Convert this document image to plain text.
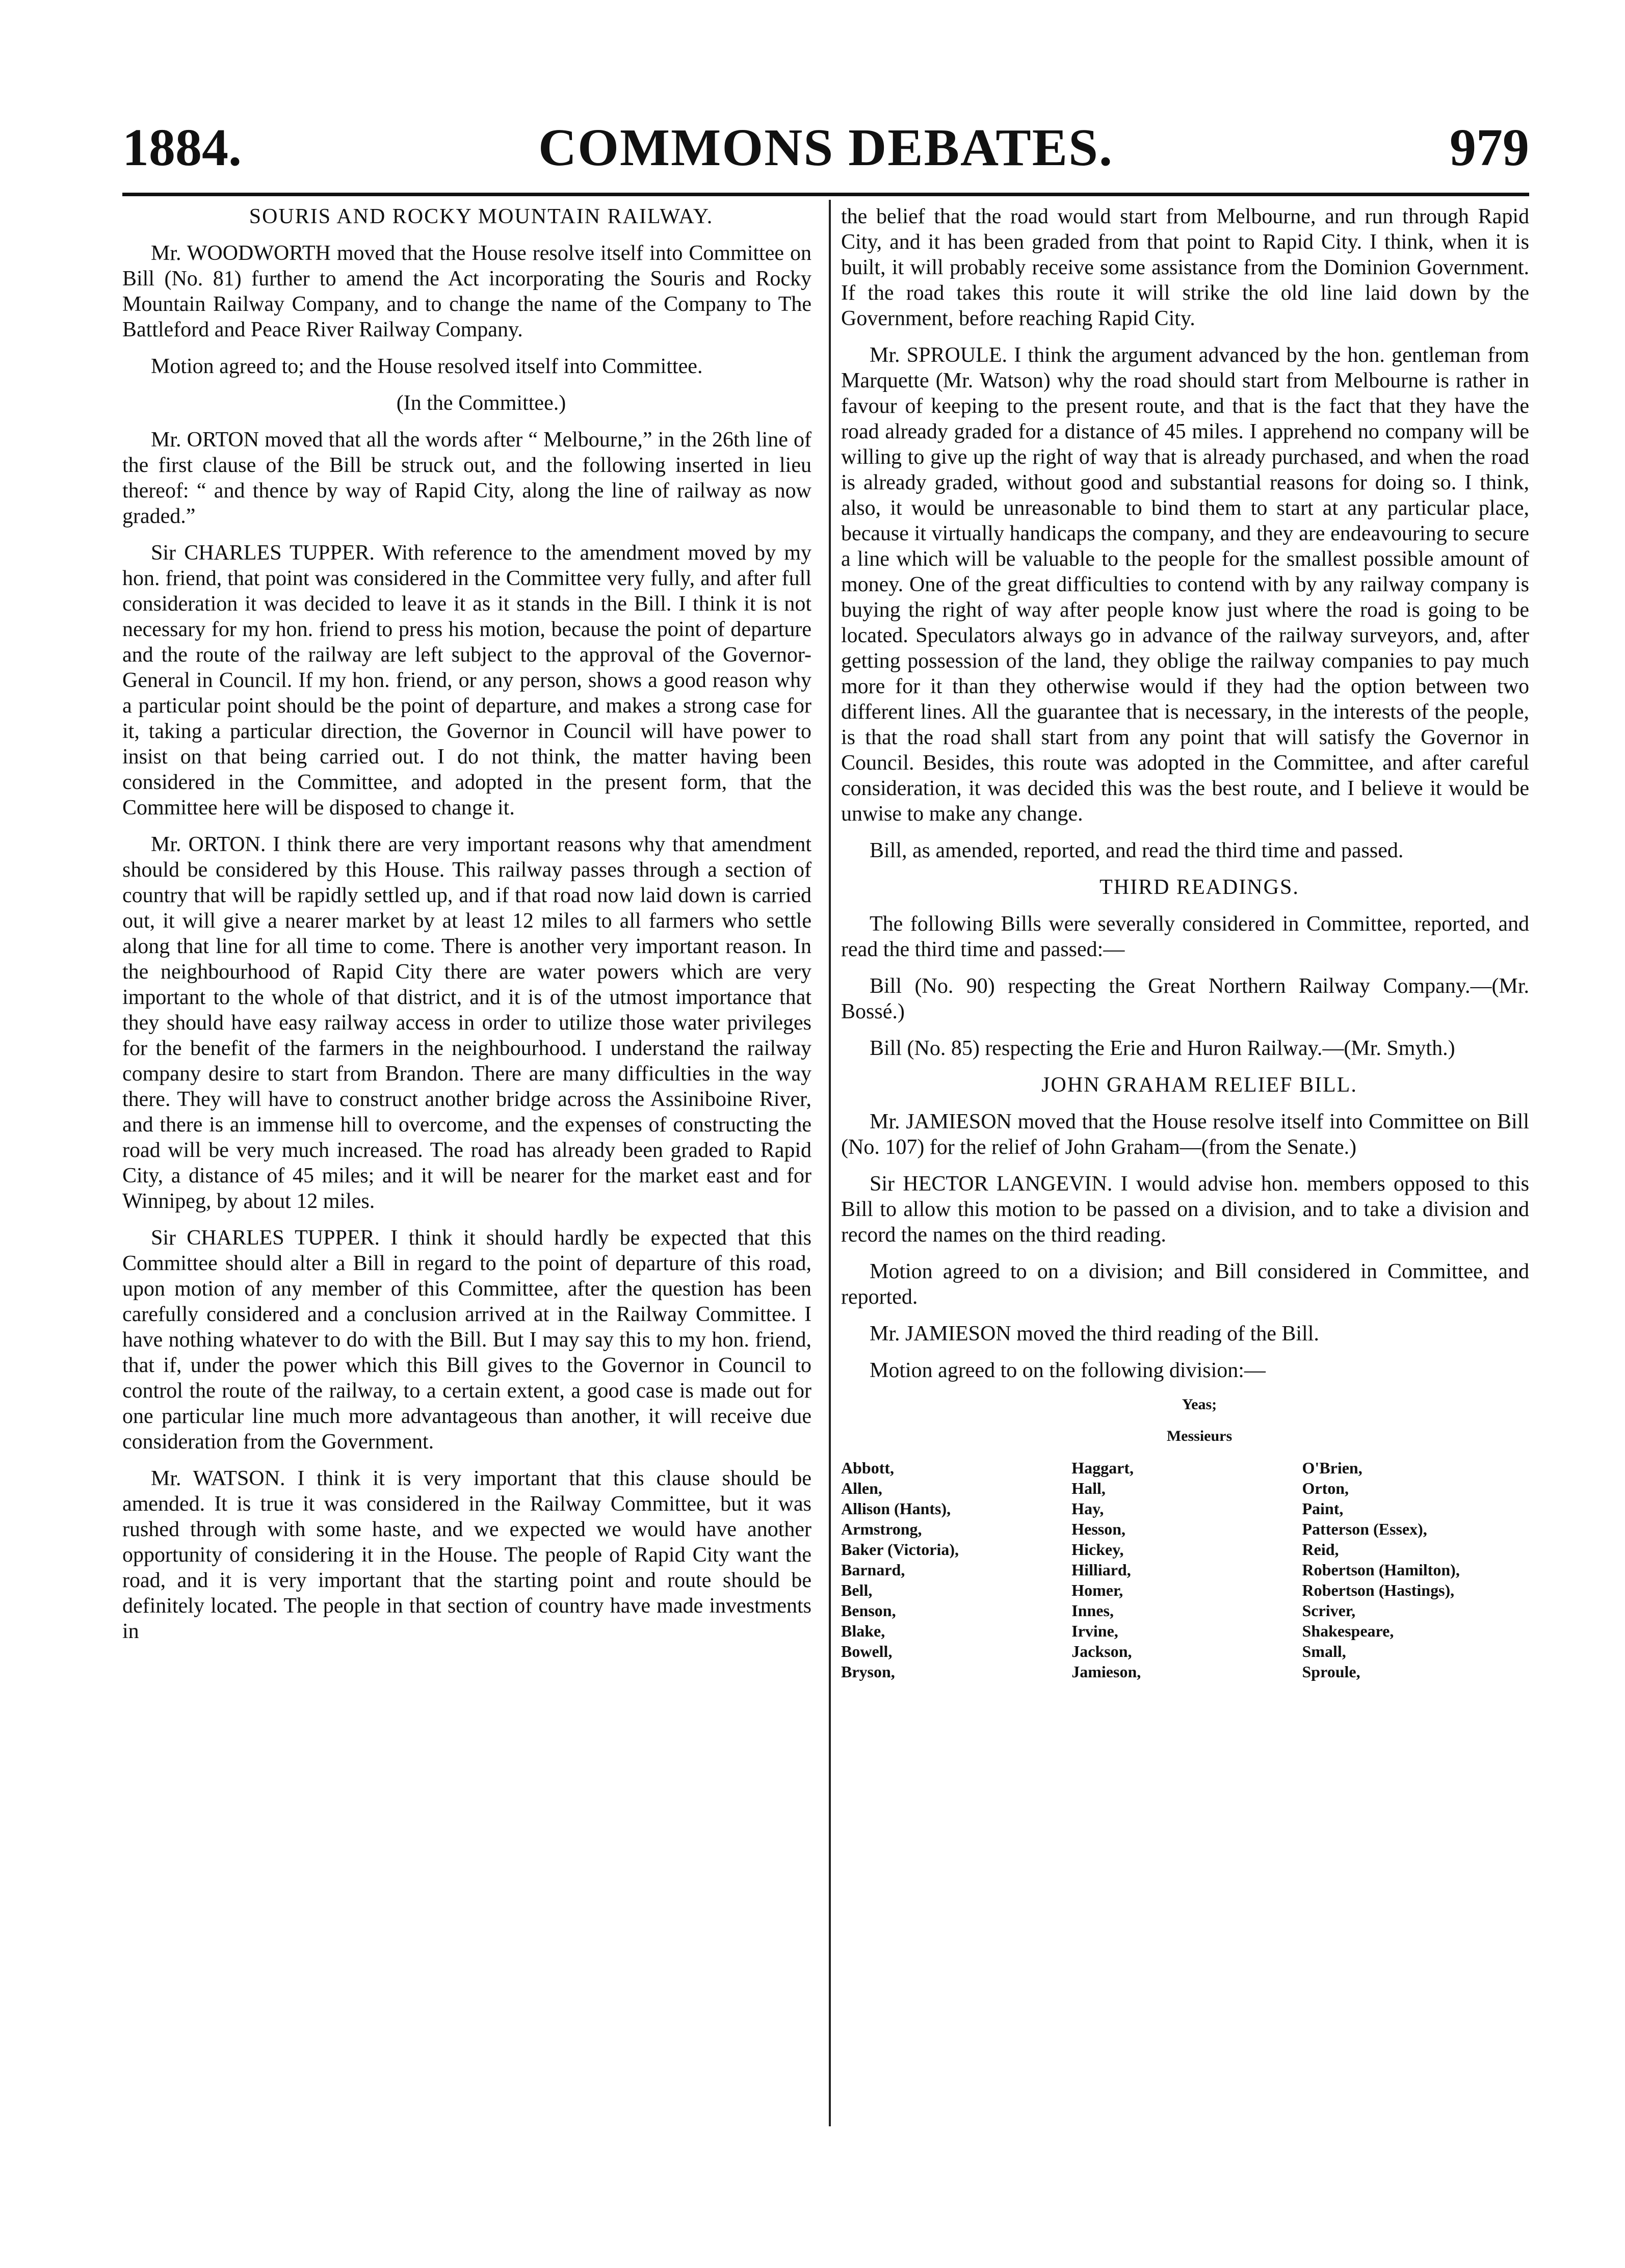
1884.	COMMONS DEBATES.	979

SOURIS AND ROCKY MOUNTAIN RAILWAY.

Mr. WOODWORTH moved that the House resolve itself into Committee on Bill (No. 81) further to amend the Act incorporating the Souris and Rocky Mountain Railway Company, and to change the name of the Company to The Battleford and Peace River Railway Company.

Motion agreed to; and the House resolved itself into Committee.

(In the Committee.)

Mr. ORTON moved that all the words after “ Melbourne,” in the 26th line of the first clause of the Bill be struck out, and the following inserted in lieu thereof: “ and thence by way of Rapid City, along the line of railway as now graded.”

Sir CHARLES TUPPER. With reference to the amendment moved by my hon. friend, that point was considered in the Committee very fully, and after full consideration it was decided to leave it as it stands in the Bill. I think it is not necessary for my hon. friend to press his motion, because the point of departure and the route of the railway are left subject to the approval of the Governor-General in Council. If my hon. friend, or any person, shows a good reason why a particular point should be the point of departure, and makes a strong case for it, taking a particular direction, the Governor in Council will have power to insist on that being carried out. I do not think, the matter having been considered in the Committee, and adopted in the present form, that the Committee here will be disposed to change it.

Mr. ORTON. I think there are very important reasons why that amendment should be considered by this House. This railway passes through a section of country that will be rapidly settled up, and if that road now laid down is carried out, it will give a nearer market by at least 12 miles to all farmers who settle along that line for all time to come. There is another very important reason. In the neighbourhood of Rapid City there are water powers which are very important to the whole of that district, and it is of the utmost importance that they should have easy railway access in order to utilize those water privileges for the benefit of the farmers in the neighbourhood. I understand the railway company desire to start from Brandon. There are many difficulties in the way there. They will have to construct another bridge across the Assiniboine River, and there is an immense hill to overcome, and the expenses of constructing the road will be very much increased. The road has already been graded to Rapid City, a distance of 45 miles; and it will be nearer for the market east and for Winnipeg, by about 12 miles.

Sir CHARLES TUPPER. I think it should hardly be expected that this Committee should alter a Bill in regard to the point of departure of this road, upon motion of any member of this Committee, after the question has been carefully considered and a conclusion arrived at in the Railway Committee. I have nothing whatever to do with the Bill. But I may say this to my hon. friend, that if, under the power which this Bill gives to the Governor in Council to control the route of the railway, to a certain extent, a good case is made out for one particular line much more advantageous than another, it will receive due consideration from the Government.

Mr. WATSON. I think it is very important that this clause should be amended. It is true it was considered in the Railway Committee, but it was rushed through with some haste, and we expected we would have another opportunity of considering it in the House. The people of Rapid City want the road, and it is very important that the starting point and route should be definitely located. The people in that section of country have made investments in

the belief that the road would start from Melbourne, and run through Rapid City, and it has been graded from that point to Rapid City. I think, when it is built, it will probably receive some assistance from the Dominion Government. If the road takes this route it will strike the old line laid down by the Government, before reaching Rapid City.

Mr. SPROULE. I think the argument advanced by the hon. gentleman from Marquette (Mr. Watson) why the road should start from Melbourne is rather in favour of keeping to the present route, and that is the fact that they have the road already graded for a distance of 45 miles. I apprehend no company will be willing to give up the right of way that is already purchased, and when the road is already graded, without good and substantial reasons for doing so. I think, also, it would be unreasonable to bind them to start at any particular place, because it virtually handicaps the company, and they are endeavouring to secure a line which will be valuable to the people for the smallest possible amount of money. One of the great difficulties to contend with by any railway company is buying the right of way after people know just where the road is going to be located. Speculators always go in advance of the railway surveyors, and, after getting possession of the land, they oblige the railway companies to pay much more for it than they otherwise would if they had the option between two different lines. All the guarantee that is necessary, in the interests of the people, is that the road shall start from any point that will satisfy the Governor in Council. Besides, this route was adopted in the Committee, and after careful consideration, it was decided this was the best route, and I believe it would be unwise to make any change.

Bill, as amended, reported, and read the third time and passed.

THIRD READINGS.

The following Bills were severally considered in Committee, reported, and read the third time and passed:—

Bill (No. 90) respecting the Great Northern Railway Company.—(Mr. Bossé.)

Bill (No. 85) respecting the Erie and Huron Railway.—(Mr. Smyth.)

JOHN GRAHAM RELIEF BILL.

Mr. JAMIESON moved that the House resolve itself into Committee on Bill (No. 107) for the relief of John Graham—(from the Senate.)

Sir HECTOR LANGEVIN. I would advise hon. members opposed to this Bill to allow this motion to be passed on a division, and to take a division and record the names on the third reading.

Motion agreed to on a division; and Bill considered in Committee, and reported.

Mr. JAMIESON moved the third reading of the Bill.

Motion agreed to on the following division:—

Yeas;

Messieurs

Abbott,
Allen,
Allison (Hants),
Armstrong,
Baker (Victoria),
Barnard,
Bell,
Benson,
Blake,
Bowell,
Bryson,
Haggart,
Hall,
Hay,
Hesson,
Hickey,
Hilliard,
Homer,
Innes,
Irvine,
Jackson,
Jamieson,
O'Brien,
Orton,
Paint,
Patterson (Essex),
Reid,
Robertson (Hamilton),
Robertson (Hastings),
Scriver,
Shakespeare,
Small,
Sproule,
